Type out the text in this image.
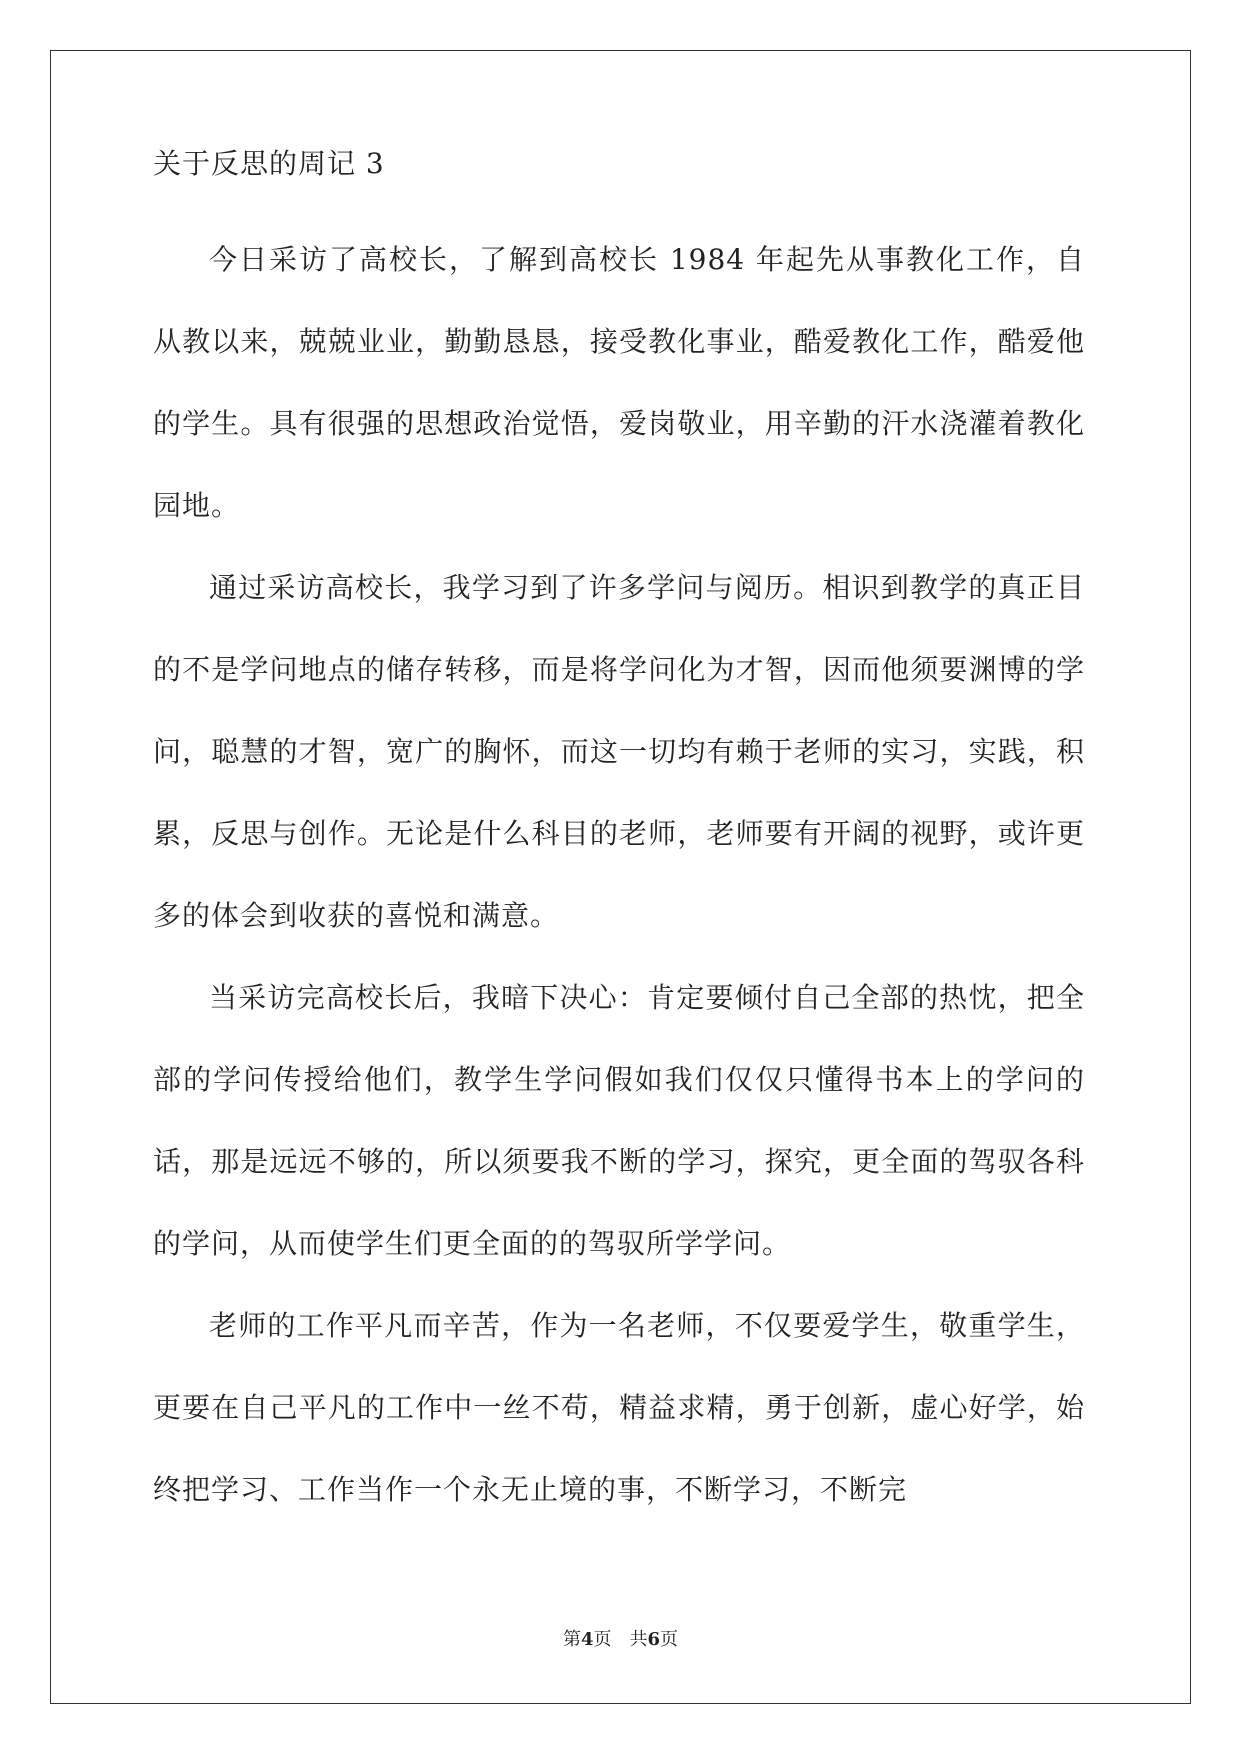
关于反思的周记 3

今日采访了高校长，了解到高校长 1984 年起先从事教化工作，自从教以来，兢兢业业，勤勤恳恳，接受教化事业，酷爱教化工作，酷爱他的学生。具有很强的思想政治觉悟，爱岗敬业，用辛勤的汗水浇灌着教化园地。

通过采访高校长，我学习到了许多学问与阅历。相识到教学的真正目的不是学问地点的储存转移，而是将学问化为才智，因而他须要渊博的学问，聪慧的才智，宽广的胸怀，而这一切均有赖于老师的实习，实践，积累，反思与创作。无论是什么科目的老师，老师要有开阔的视野，或许更多的体会到收获的喜悦和满意。

当采访完高校长后，我暗下决心：肯定要倾付自己全部的热忱，把全部的学问传授给他们，教学生学问假如我们仅仅只懂得书本上的学问的话，那是远远不够的，所以须要我不断的学习，探究，更全面的驾驭各科的学问，从而使学生们更全面的的驾驭所学学问。

老师的工作平凡而辛苦，作为一名老师，不仅要爱学生，敬重学生，更要在自己平凡的工作中一丝不苟，精益求精，勇于创新，虚心好学，始终把学习、工作当作一个永无止境的事，不断学习，不断完

第4页 共6页
